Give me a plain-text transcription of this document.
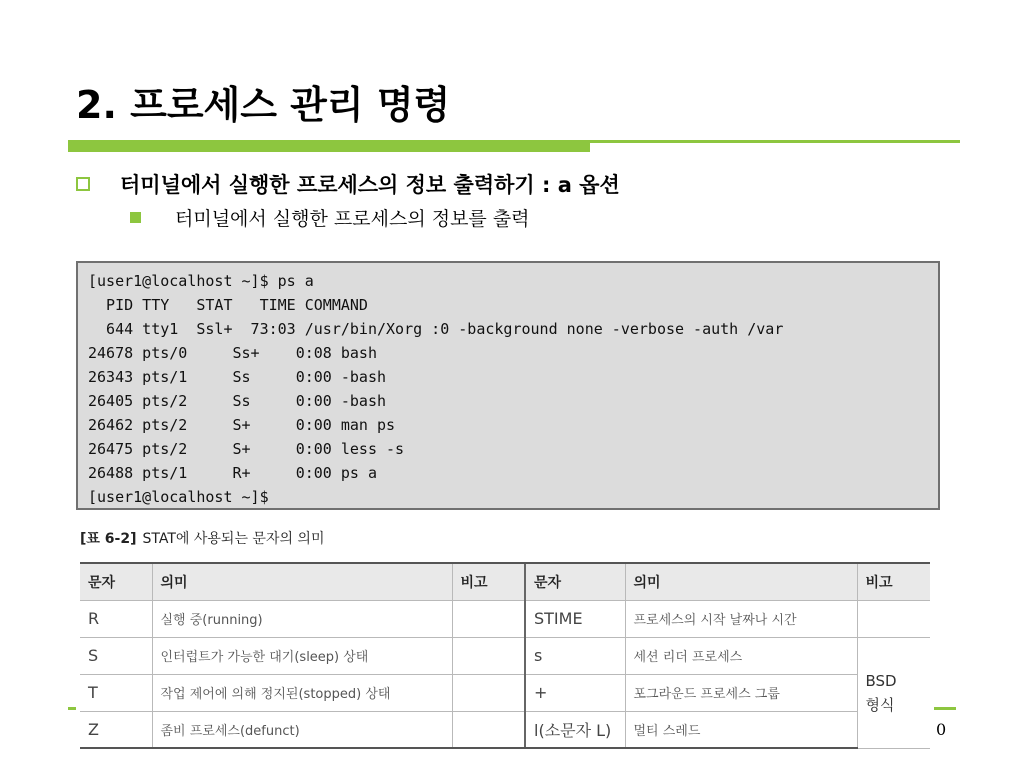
2. 프로세스 관리 명령
터미널에서 실행한 프로세스의 정보 출력하기 : a 옵션
터미널에서 실행한 프로세스의 정보를 출력
[user1@localhost ~]$ ps a
PID TTY   STAT   TIME COMMAND
644 tty1  Ssl+  73:03 /usr/bin/Xorg :0 -background none -verbose -auth /var
24678 pts/0     Ss+    0:08 bash
26343 pts/1     Ss     0:00 -bash
26405 pts/2     Ss     0:00 -bash
26462 pts/2     S+     0:00 man ps
26475 pts/2     S+     0:00 less -s
26488 pts/1     R+     0:00 ps a
[user1@localhost ~]$
[표 6-2] STAT에 사용되는 문자의 의미
문자	의미	비고	문자	의미	비고
R	실행 중(running)		STIME	프로세스의 시작 날짜나 시간	
S	인터럽트가 가능한 대기(sleep) 상태		s	세션 리더 프로세스	BSD
형식

T	작업 제어에 의해 정지된(stopped) 상태		+	포그라운드 프로세스 그룹	
Z	좀비 프로세스(defunct)		l(소문자 L)	멀티 스레드		0
